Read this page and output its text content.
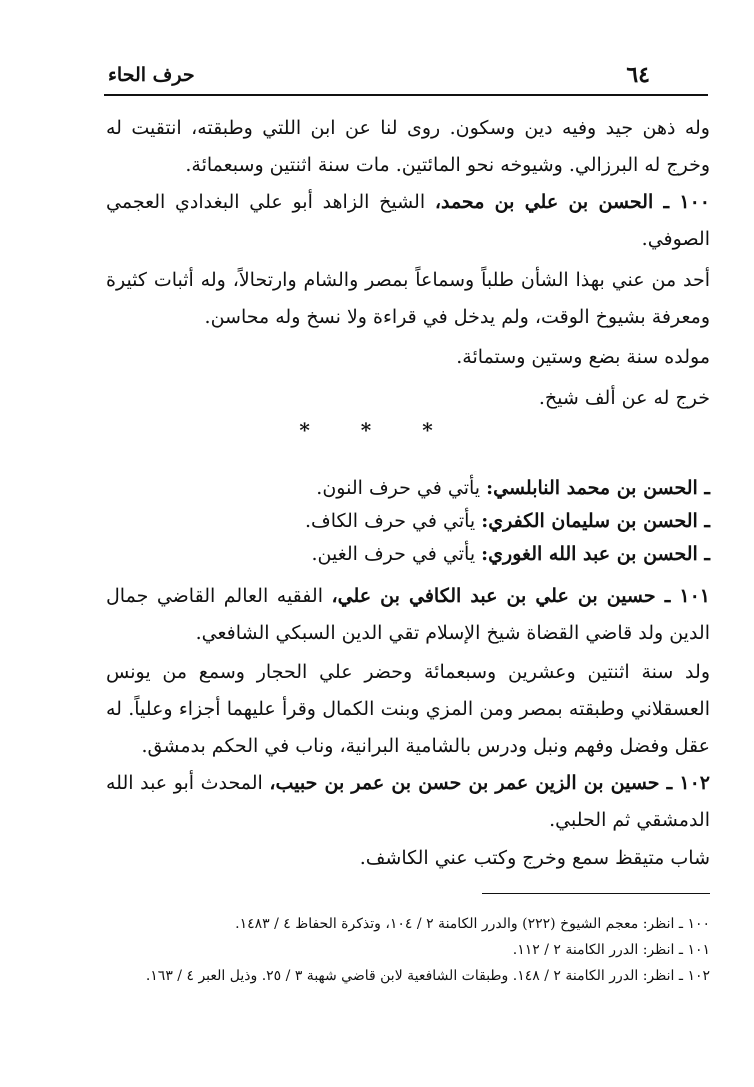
٦٤
حرف الحاء

وله ذهن جيد وفيه دين وسكون. روى لنا عن ابن اللتي وطبقته، انتقيت له وخرج له البرزالي. وشيوخه نحو المائتين. مات سنة اثنتين وسبعمائة.

١٠٠ ـ الحسن بن علي بن محمد، الشيخ الزاهد أبو علي البغدادي العجمي الصوفي.

أحد من عني بهذا الشأن طلباً وسماعاً بمصر والشام وارتحالاً، وله أثبات كثيرة ومعرفة بشيوخ الوقت، ولم يدخل في قراءة ولا نسخ وله محاسن.

مولده سنة بضع وستين وستمائة.

خرج له عن ألف شيخ.

* * *

ـ الحسن بن محمد النابلسي: يأتي في حرف النون.

ـ الحسن بن سليمان الكفري: يأتي في حرف الكاف.

ـ الحسن بن عبد الله الغوري: يأتي في حرف الغين.

١٠١ ـ حسين بن علي بن عبد الكافي بن علي، الفقيه العالم القاضي جمال الدين ولد قاضي القضاة شيخ الإسلام تقي الدين السبكي الشافعي.

ولد سنة اثنتين وعشرين وسبعمائة وحضر علي الحجار وسمع من يونس العسقلاني وطبقته بمصر ومن المزي وبنت الكمال وقرأ عليهما أجزاء وعلياً. له عقل وفضل وفهم ونبل ودرس بالشامية البرانية، وناب في الحكم بدمشق.

١٠٢ ـ حسين بن الزين عمر بن حسن بن عمر بن حبيب، المحدث أبو عبد الله الدمشقي ثم الحلبي.

شاب متيقظ سمع وخرج وكتب عني الكاشف.

١٠٠ ـ انظر: معجم الشيوخ (٢٢٢) والدرر الكامنة ٢ / ١٠٤، وتذكرة الحفاظ ٤ / ١٤٨٣.

١٠١ ـ انظر: الدرر الكامنة ٢ / ١١٢.

١٠٢ ـ انظر: الدرر الكامنة ٢ / ١٤٨. وطبقات الشافعية لابن قاضي شهبة ٣ / ٢٥. وذيل العبر ٤ / ١٦٣.
